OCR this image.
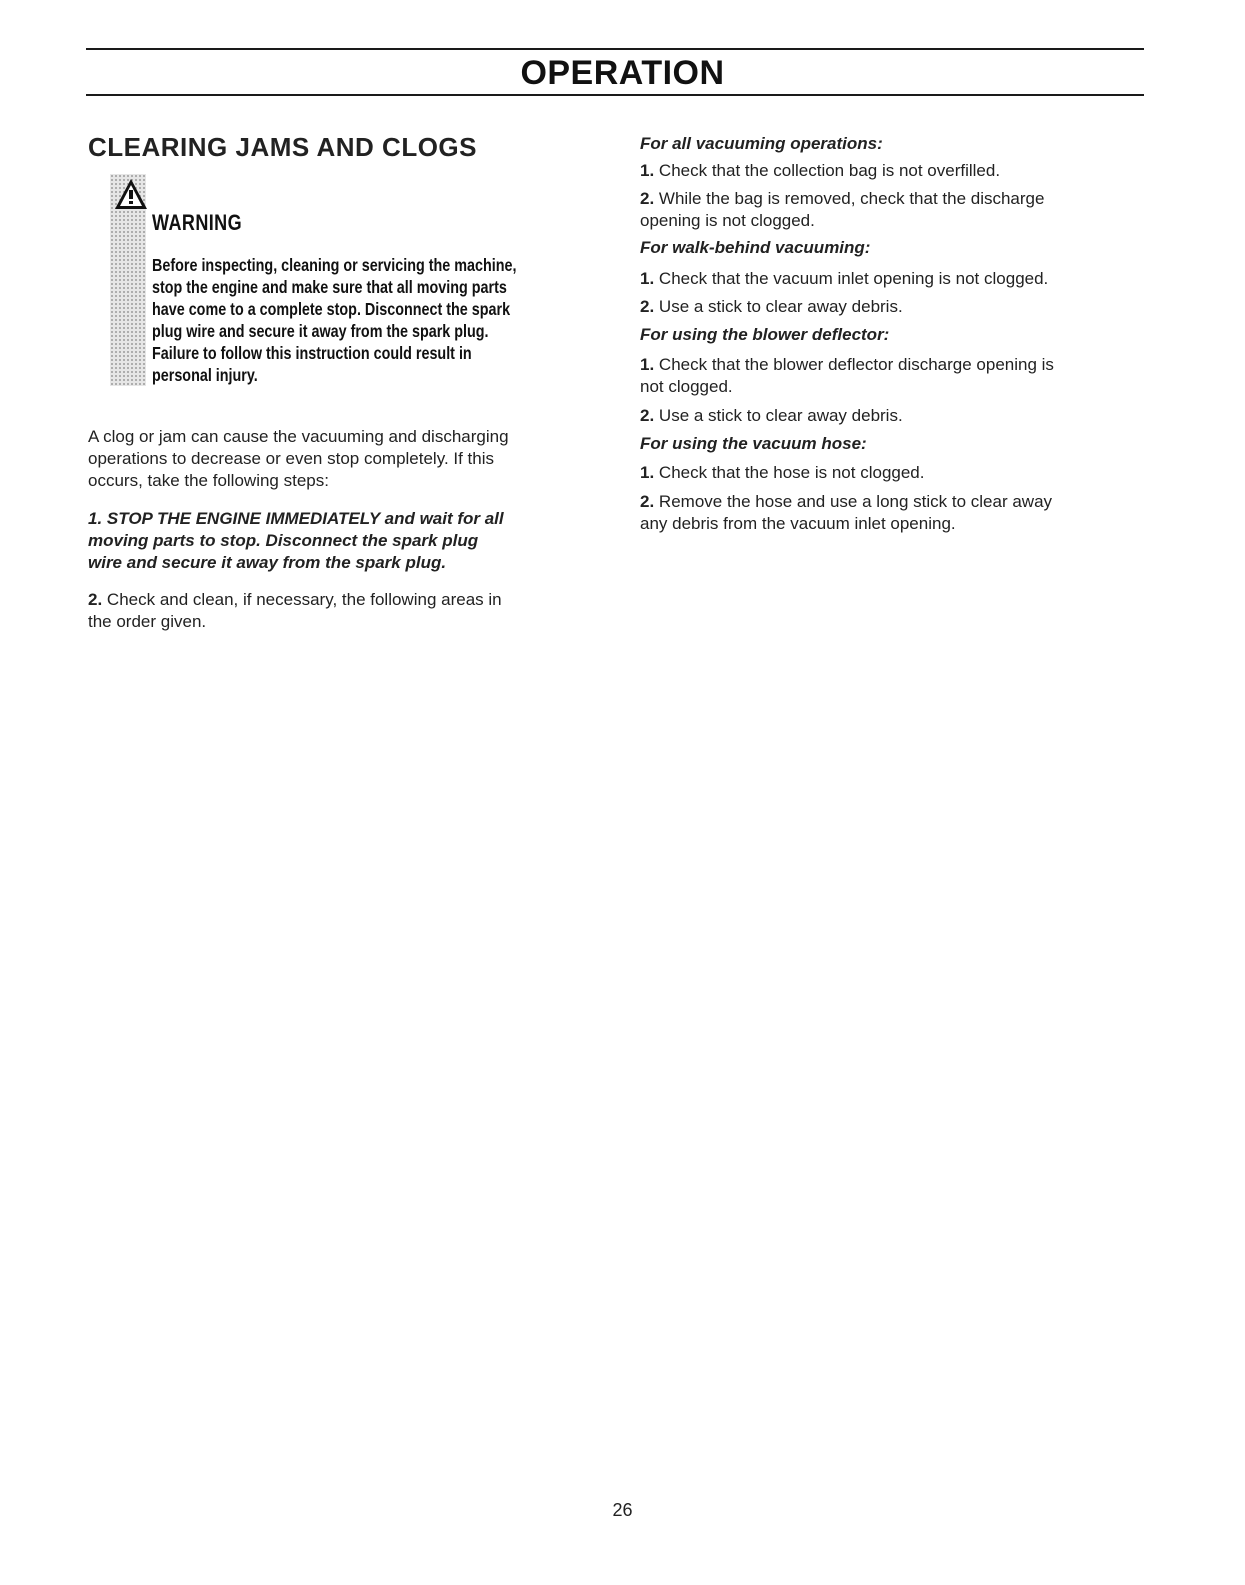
OPERATION
CLEARING JAMS AND CLOGS
WARNING
Before inspecting, cleaning or servicing the machine,
stop the engine and make sure that all moving parts
have come to a complete stop. Disconnect the spark
plug wire and secure it away from the spark plug.
Failure to follow this instruction could result in
personal injury.
A clog or jam can cause the vacuuming and discharging
operations to decrease or even stop completely. If this
occurs, take the following steps:
1. STOP THE ENGINE IMMEDIATELY and wait for all
moving parts to stop. Disconnect the spark plug
wire and secure it away from the spark plug.
2. Check and clean, if necessary, the following areas in
the order given.
For all vacuuming operations:
1. Check that the collection bag is not overfilled.
2. While the bag is removed, check that the discharge
opening is not clogged.
For walk-behind vacuuming:
1. Check that the vacuum inlet opening is not clogged.
2. Use a stick to clear away debris.
For using the blower deflector:
1. Check that the blower deflector discharge opening is
not clogged.
2. Use a stick to clear away debris.
For using the vacuum hose:
1. Check that the hose is not clogged.
2. Remove the hose and use a long stick to clear away
any debris from the vacuum inlet opening.
26
